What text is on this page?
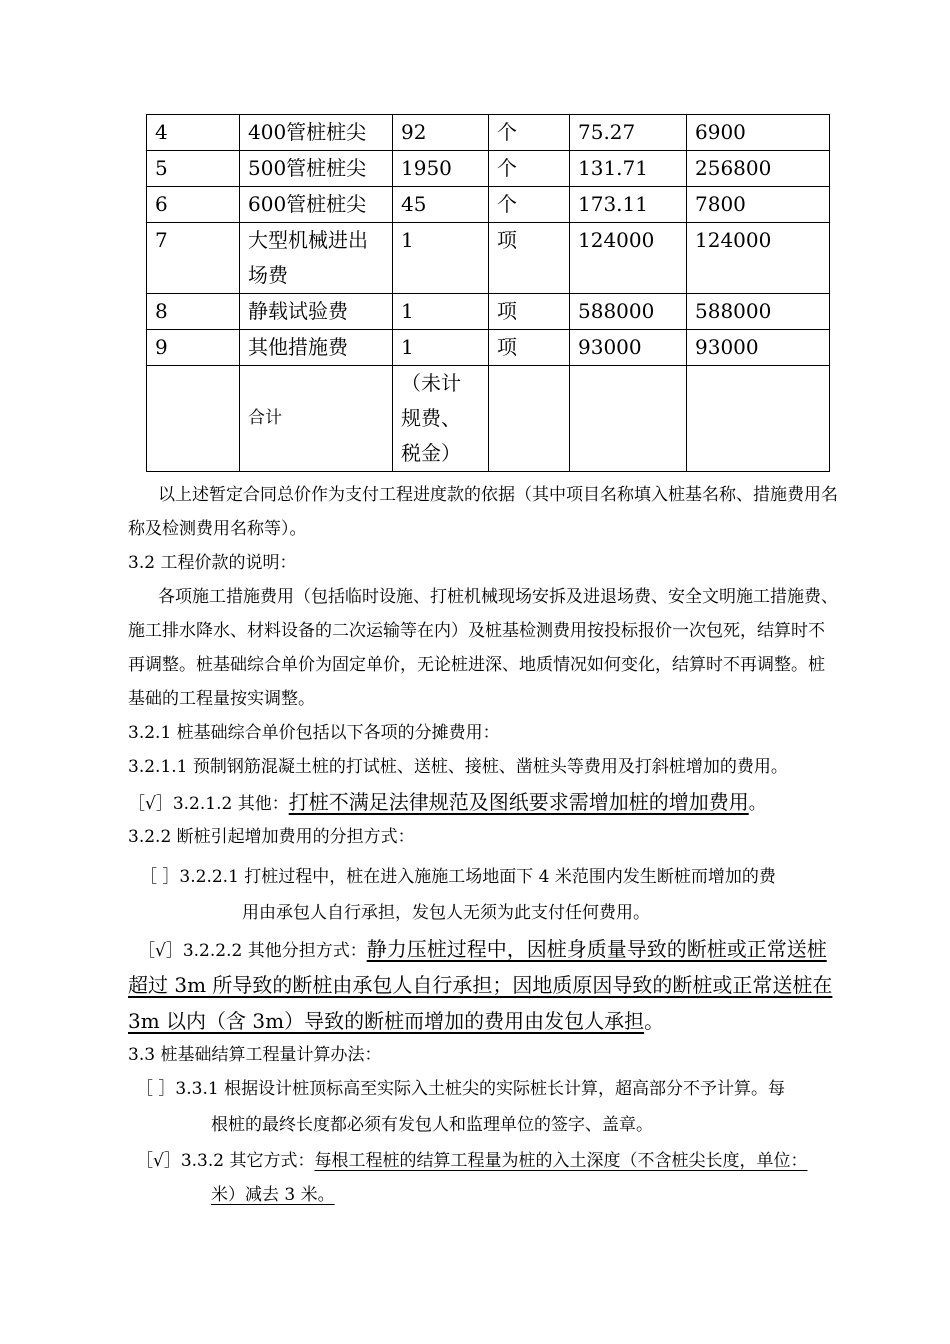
4	400管桩桩尖	92	个	75.27	6900
5	500管桩桩尖	1950	个	131.71	256800
6	600管桩桩尖	45	个	173.11	7800
7	大型机械进出场费	1	项	124000	124000
8	静载试验费	1	项	588000	588000
9	其他措施费	1	项	93000	93000
	合计	（未计规费、税金）			

以上述暂定合同总价作为支付工程进度款的依据（其中项目名称填入桩基名称、措施费用名称及检测费用名称等）。

3.2 工程价款的说明：

各项施工措施费用（包括临时设施、打桩机械现场安拆及进退场费、安全文明施工措施费、施工排水降水、材料设备的二次运输等在内）及桩基检测费用按投标报价一次包死，结算时不再调整。桩基础综合单价为固定单价，无论桩进深、地质情况如何变化，结算时不再调整。桩基础的工程量按实调整。

3.2.1 桩基础综合单价包括以下各项的分摊费用：

3.2.1.1 预制钢筋混凝土桩的打试桩、送桩、接桩、凿桩头等费用及打斜桩增加的费用。

［√］3.2.1.2 其他：打桩不满足法律规范及图纸要求需增加桩的增加费用。

3.2.2 断桩引起增加费用的分担方式：

［ ］3.2.2.1 打桩过程中，桩在进入施施工场地面下 4 米范围内发生断桩而增加的费

用由承包人自行承担，发包人无须为此支付任何费用。

［√］3.2.2.2 其他分担方式：静力压桩过程中，因桩身质量导致的断桩或正常送桩超过 3m 所导致的断桩由承包人自行承担；因地质原因导致的断桩或正常送桩在 3m 以内（含 3m）导致的断桩而增加的费用由发包人承担。

3.3 桩基础结算工程量计算办法：

［ ］3.3.1 根据设计桩顶标高至实际入土桩尖的实际桩长计算，超高部分不予计算。每

根桩的最终长度都必须有发包人和监理单位的签字、盖章。

［√］3.3.2 其它方式：每根工程桩的结算工程量为桩的入土深度（不含桩尖长度，单位：

米）减去 3 米。
